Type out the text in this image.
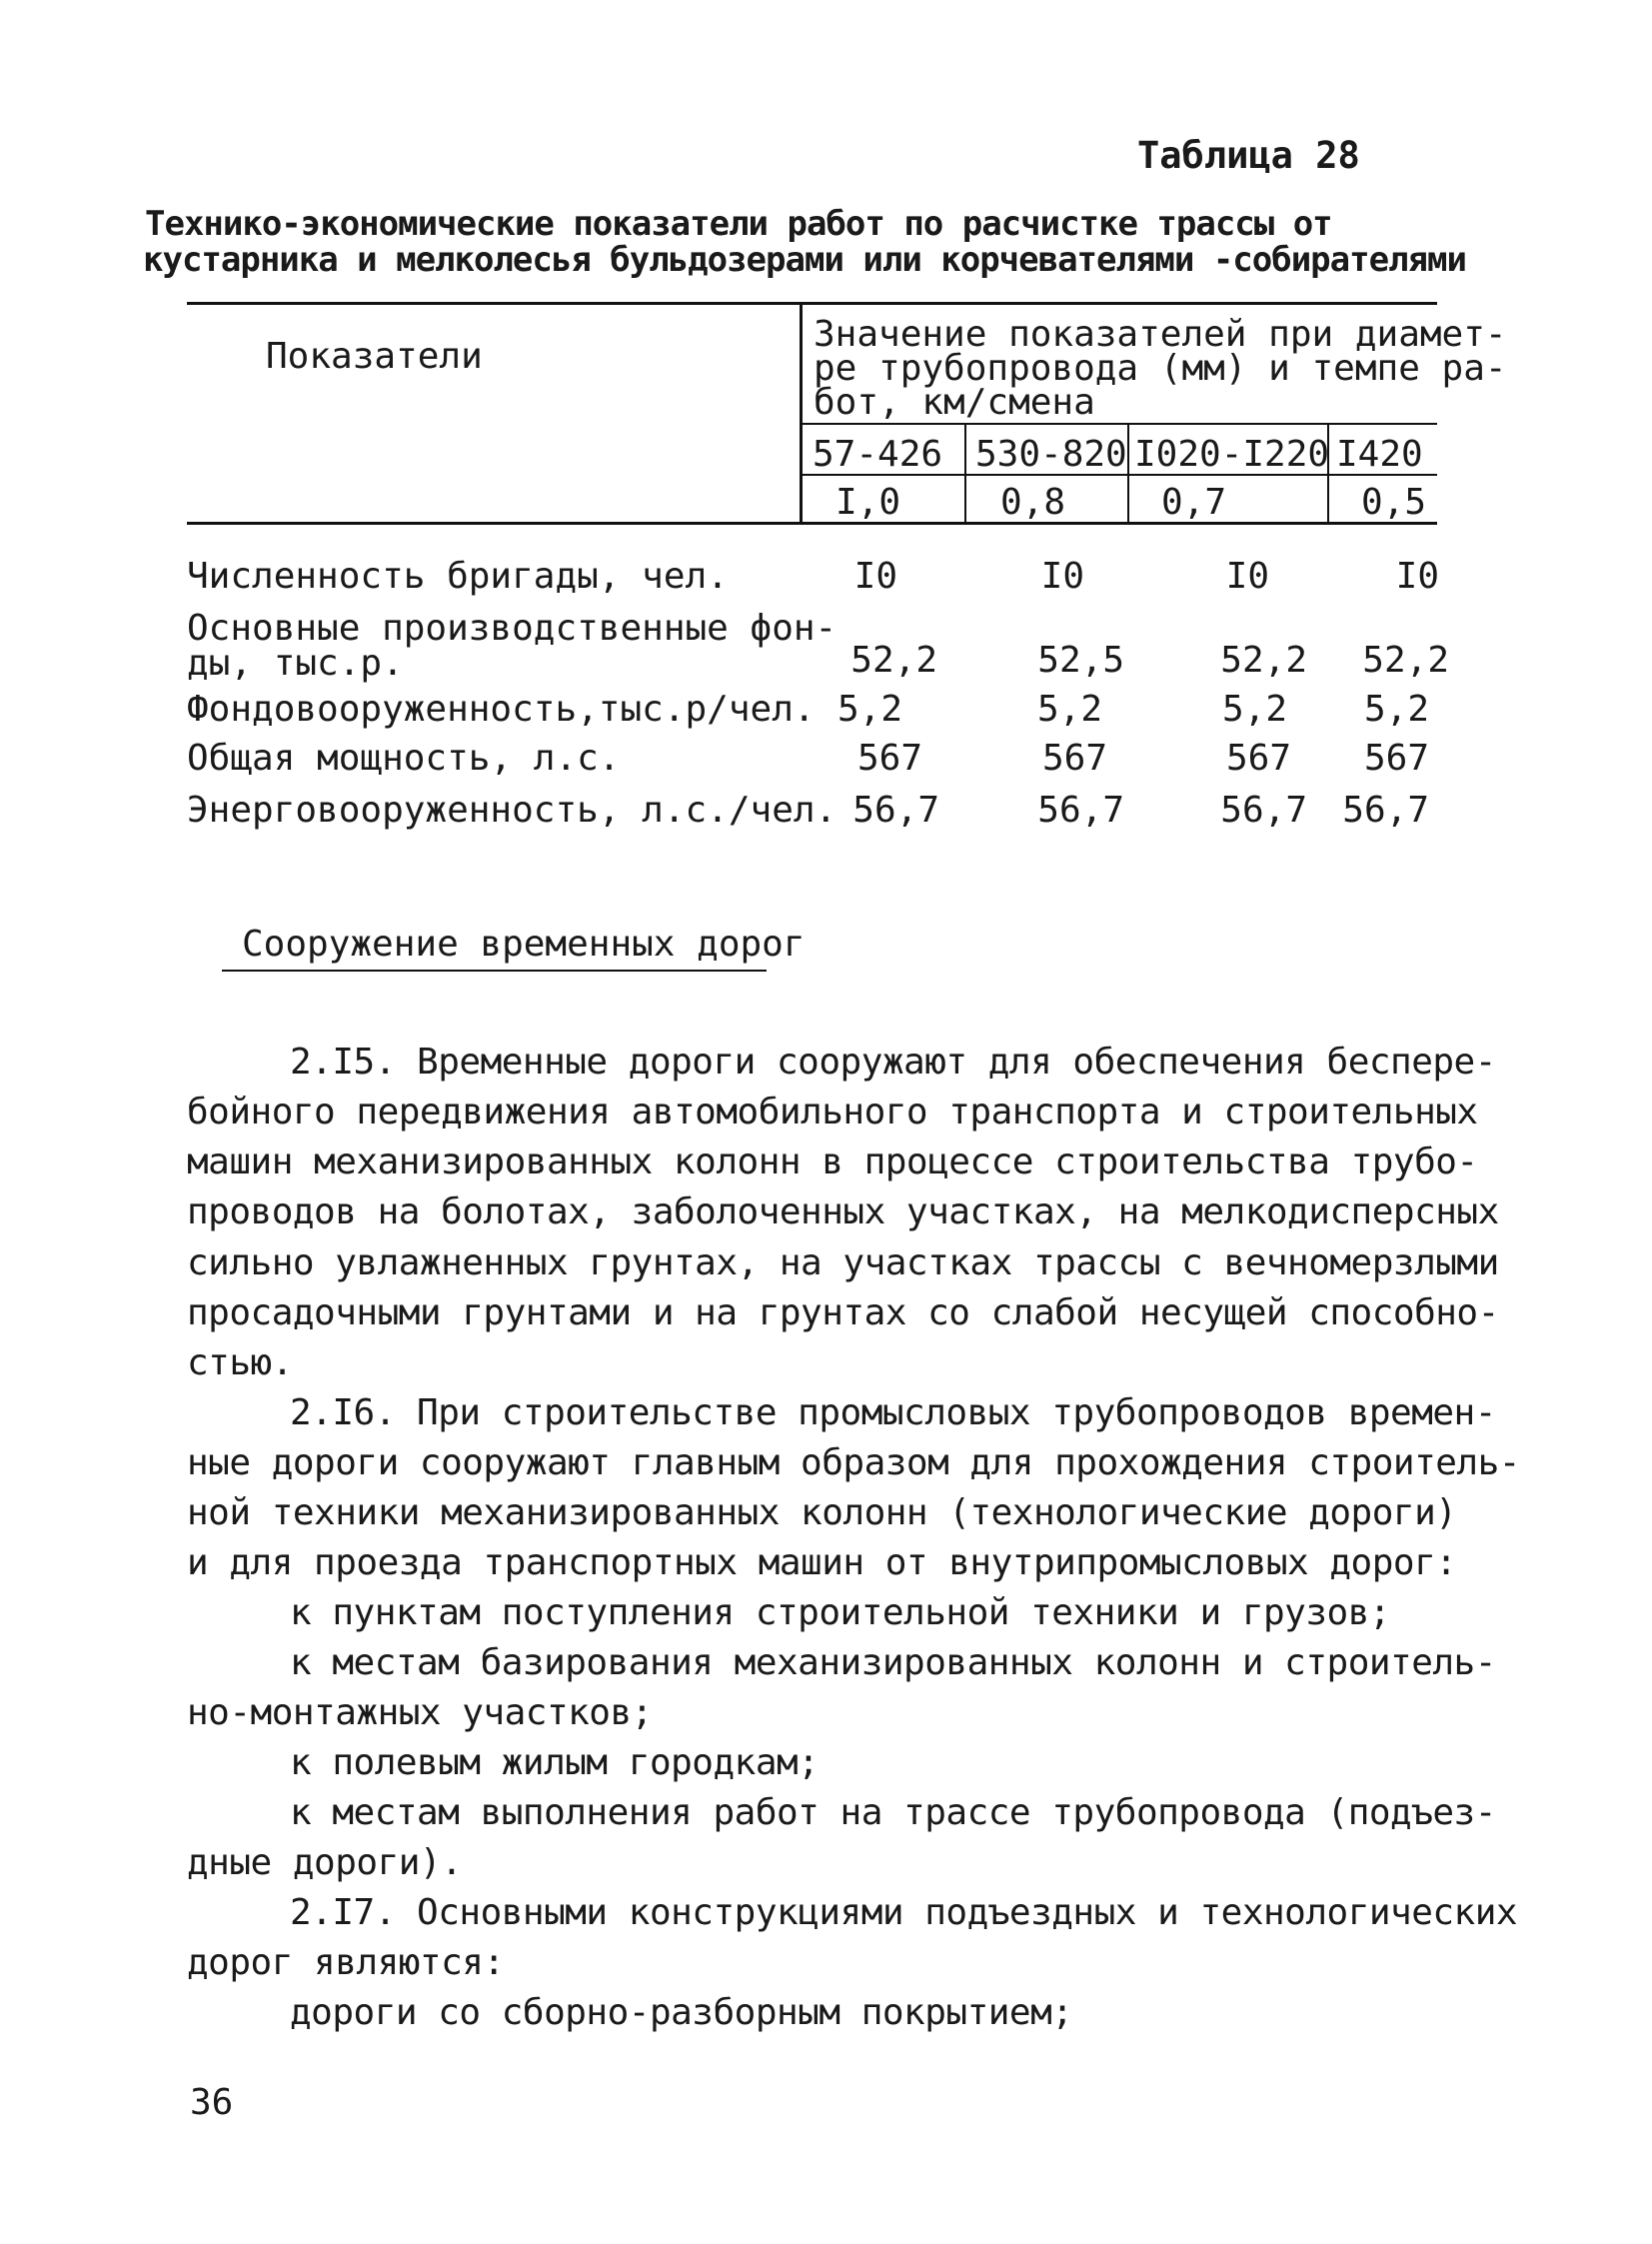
Таблица 28
Технико-экономические показатели работ по расчистке трассы от
кустарника и мелколесья бульдозерами или корчевателями -собирателями
Показатели
Значение показателей при диамет-
ре трубопровода (мм) и темпе ра-
бот, км/смена
57-426 530-820 I020-I220 I420
I,0	0,8	0,7	0,5
Численность бригады, чел.	I0	I0	I0	I0
Основные производственные фон-
ды, тыс.р.	52,2	52,5	52,2	52,2
Фондовооруженность,тыс.р/чел. 5,2	5,2	5,2	5,2
Общая мощность, л.с.	567	567	567	567
Энерговооруженность, л.с./чел. 56,7	56,7	56,7 56,7
Сооружение временных дорог
2.I5. Временные дороги сооружают для обеспечения беспере-
бойного передвижения автомобильного транспорта и строительных
машин механизированных колонн в процессе строительства трубо-
проводов на болотах, заболоченных участках, на мелкодисперсных
сильно увлажненных грунтах, на участках трассы с вечномерзлыми
просадочными грунтами и на грунтах со слабой несущей способно-
стью.
2.I6. При строительстве промысловых трубопроводов времен-
ные дороги сооружают главным образом для прохождения строитель-
ной техники механизированных колонн (технологические дороги)
и для проезда транспортных машин от внутрипромысловых дорог:
к пунктам поступления строительной техники и грузов;
к местам базирования механизированных колонн и строитель-
но-монтажных участков;
к полевым жилым городкам;
к местам выполнения работ на трассе трубопровода (подъез-
дные дороги).
2.I7. Основными конструкциями подъездных и технологических
дорог являются:
дороги со сборно-разборным покрытием;
36
